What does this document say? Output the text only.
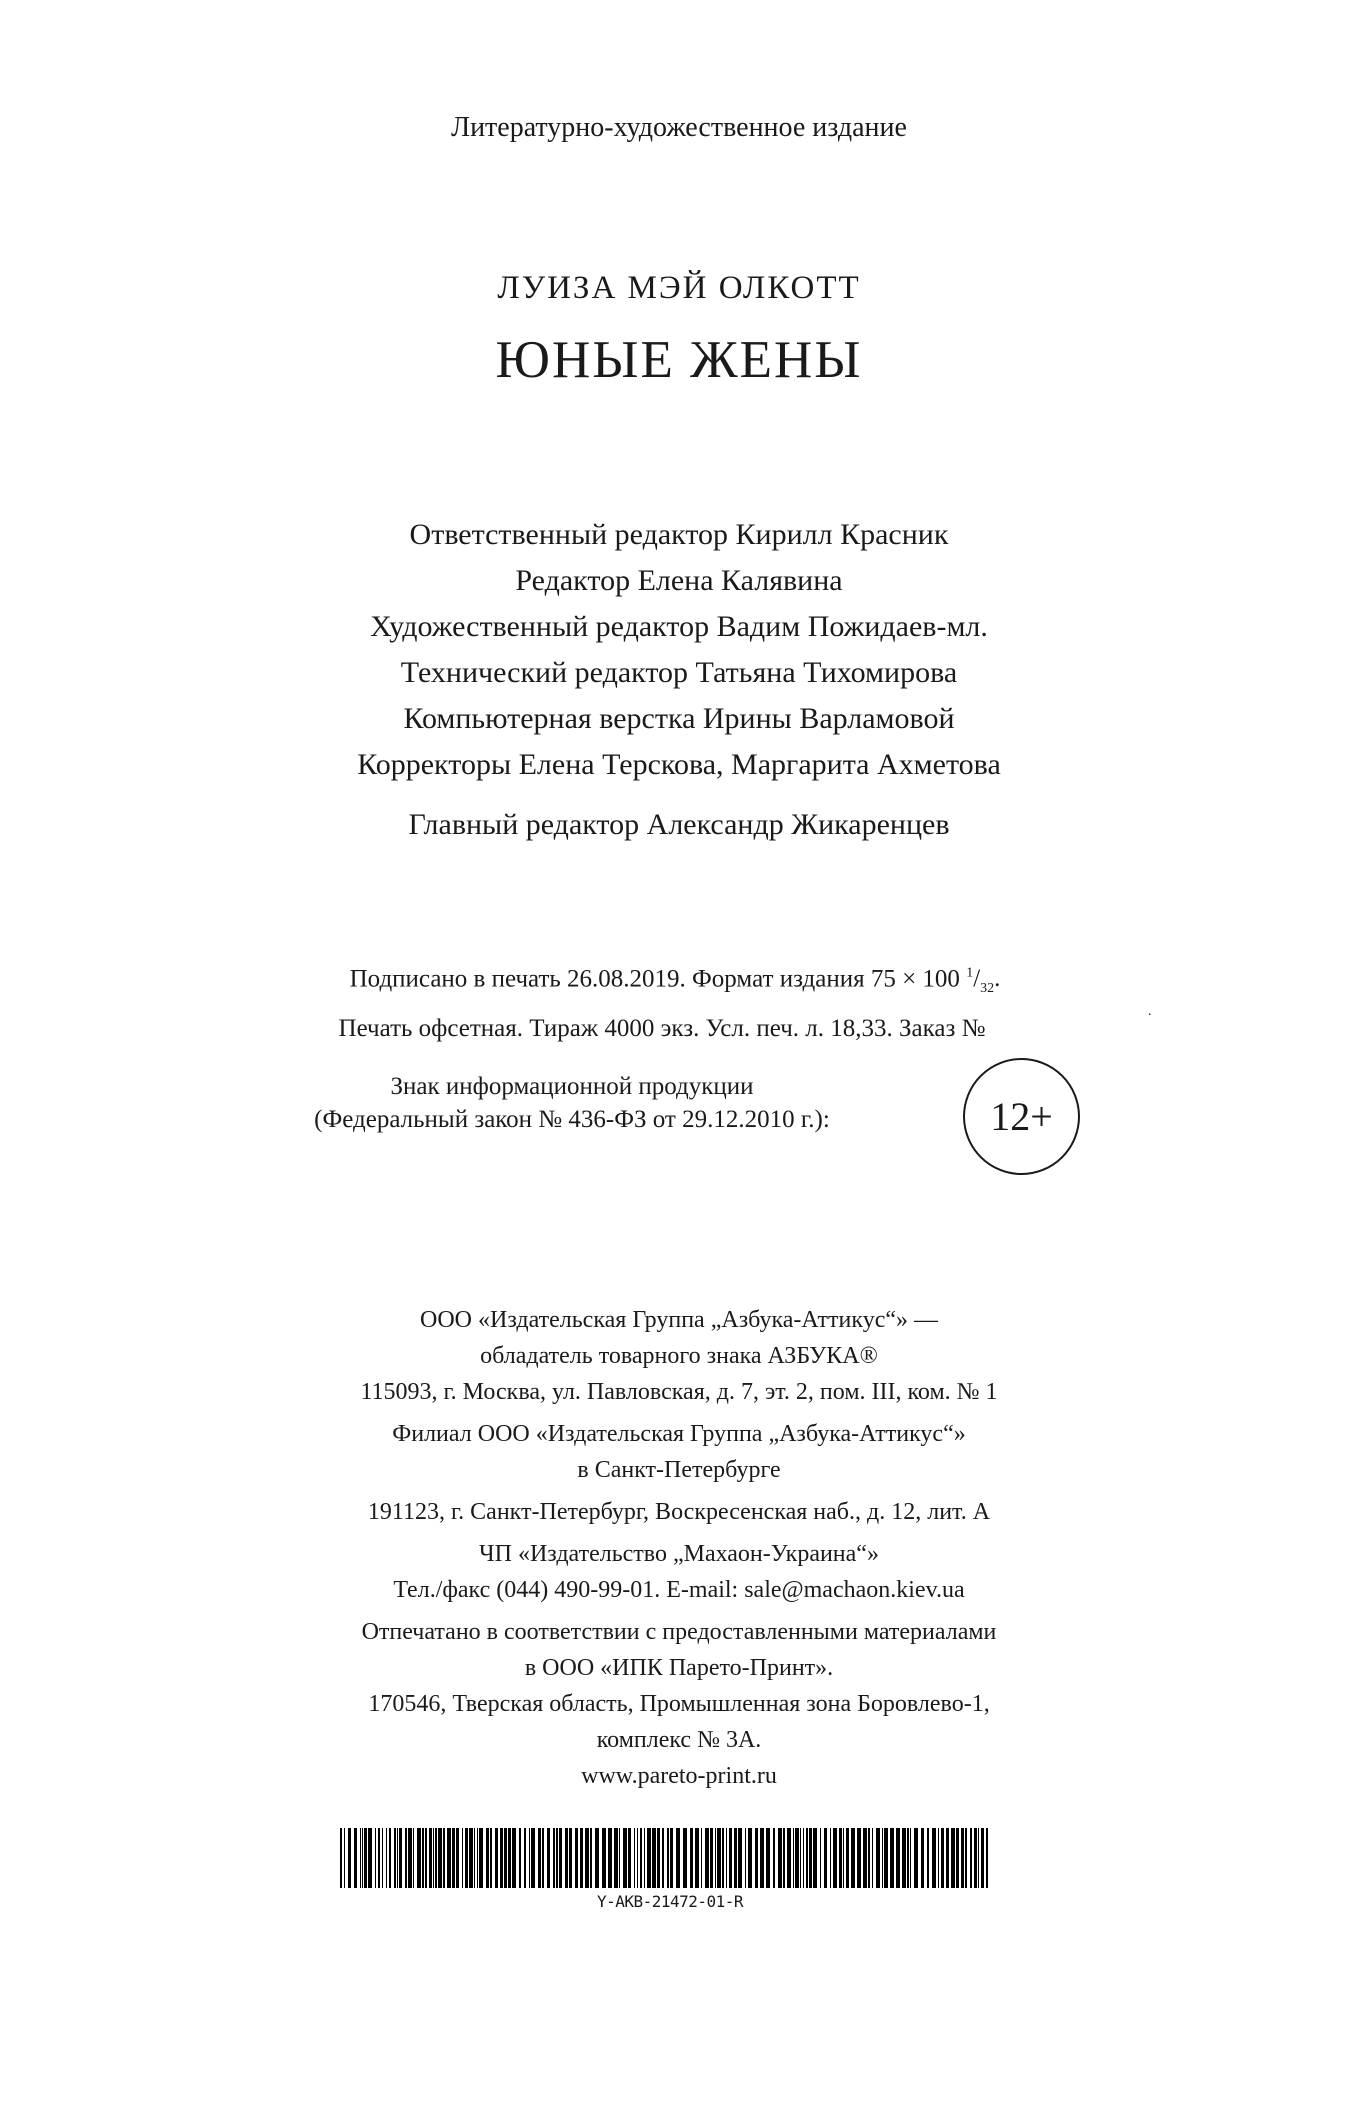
Литературно-художественное издание
ЛУИЗА МЭЙ ОЛКОТТ
ЮНЫЕ ЖЕНЫ
Ответственный редактор Кирилл Красник
Редактор Елена Калявина
Художественный редактор Вадим Пожидаев-мл.
Технический редактор Татьяна Тихомирова
Компьютерная верстка Ирины Варламовой
Корректоры Елена Терскова, Маргарита Ахметова
Главный редактор Александр Жикаренцев
Подписано в печать 26.08.2019. Формат издания 75 × 100 $^1/_{32}$.
Печать офсетная. Тираж 4000 экз. Усл. печ. л. 18,33. Заказ №
.
Знак информационной продукции
(Федеральный закон № 436-ФЗ от 29.12.2010 г.):	12+
ООО «Издательская Группа „Азбука-Аттикус“» —
обладатель товарного знака АЗБУКА®
115093, г. Москва, ул. Павловская, д. 7, эт. 2, пом. III, ком. № 1
Филиал ООО «Издательская Группа „Азбука-Аттикус“»
в Санкт-Петербурге
191123, г. Санкт-Петербург, Воскресенская наб., д. 12, лит. А
ЧП «Издательство „Махаон-Украина“»
Тел./факс (044) 490-99-01. E-mail: sale@machaon.kiev.ua
Отпечатано в соответствии с предоставленными материалами
в ООО «ИПК Парето-Принт».
170546, Тверская область, Промышленная зона Боровлево-1,
комплекс № 3А.
www.pareto-print.ru
Y-AKB-21472-01-R
